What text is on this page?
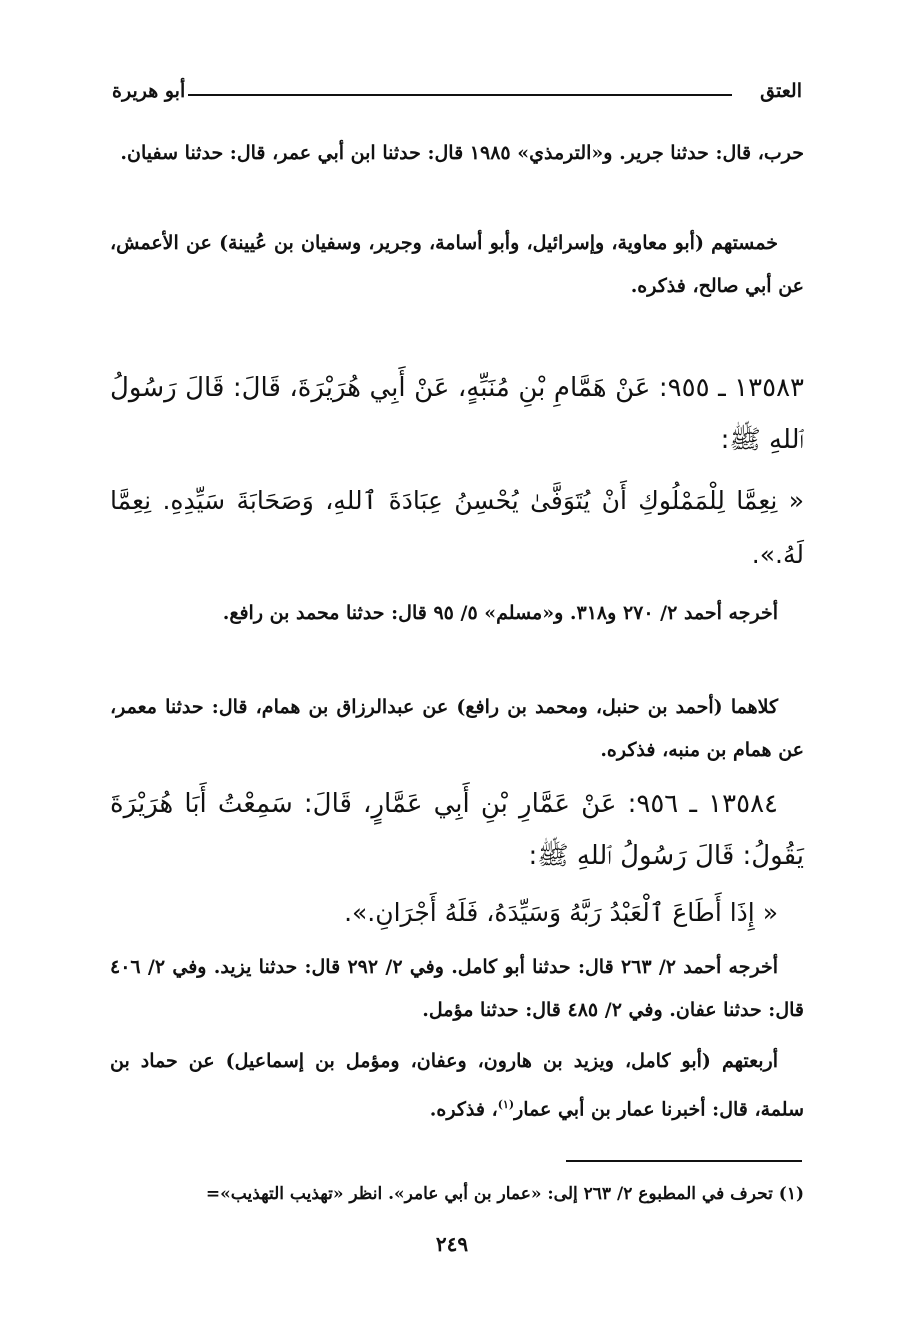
العتق
أبو هريرة
حرب، قال: حدثنا جرير. و«الترمذي» ١٩٨٥ قال: حدثنا ابن أبي عمر، قال: حدثنا سفيان.
خمستهم (أبو معاوية، وإسرائيل، وأبو أسامة، وجرير، وسفيان بن عُيينة) عن الأعمش، عن أبي صالح، فذكره.
١٣٥٨٣ ـ ٩٥٥: عَنْ هَمَّامِ بْنِ مُنَبِّهٍ، عَنْ أَبِي هُرَيْرَةَ، قَالَ: قَالَ رَسُولُ ٱللهِ ﷺ:
« نِعِمَّا لِلْمَمْلُوكِ أَنْ يُتَوَفَّىٰ يُحْسِنُ عِبَادَةَ ٱللهِ، وَصَحَابَةَ سَيِّدِهِ. نِعِمَّا لَهُ.».
أخرجه أحمد ٢/ ٢٧٠ و٣١٨. و«مسلم» ٥/ ٩٥ قال: حدثنا محمد بن رافع.
كلاهما (أحمد بن حنبل، ومحمد بن رافع) عن عبدالرزاق بن همام، قال: حدثنا معمر، عن همام بن منبه، فذكره.
١٣٥٨٤ ـ ٩٥٦: عَنْ عَمَّارِ بْنِ أَبِي عَمَّارٍ، قَالَ: سَمِعْتُ أَبَا هُرَيْرَةَ يَقُولُ: قَالَ رَسُولُ ٱللهِ ﷺ:
« إِذَا أَطَاعَ ٱلْعَبْدُ رَبَّهُ وَسَيِّدَهُ، فَلَهُ أَجْرَانِ.».
أخرجه أحمد ٢/ ٢٦٣ قال: حدثنا أبو كامل. وفي ٢/ ٢٩٢ قال: حدثنا يزيد. وفي ٢/ ٤٠٦ قال: حدثنا عفان. وفي ٢/ ٤٨٥ قال: حدثنا مؤمل.
أربعتهم (أبو كامل، ويزيد بن هارون، وعفان، ومؤمل بن إسماعيل) عن حماد بن سلمة، قال: أخبرنا عمار بن أبي عمار$^{(١)}$، فذكره.
(١) تحرف في المطبوع ٢/ ٢٦٣ إلى: «عمار بن أبي عامر». انظر «تهذيب التهذيب»=
٢٤٩
